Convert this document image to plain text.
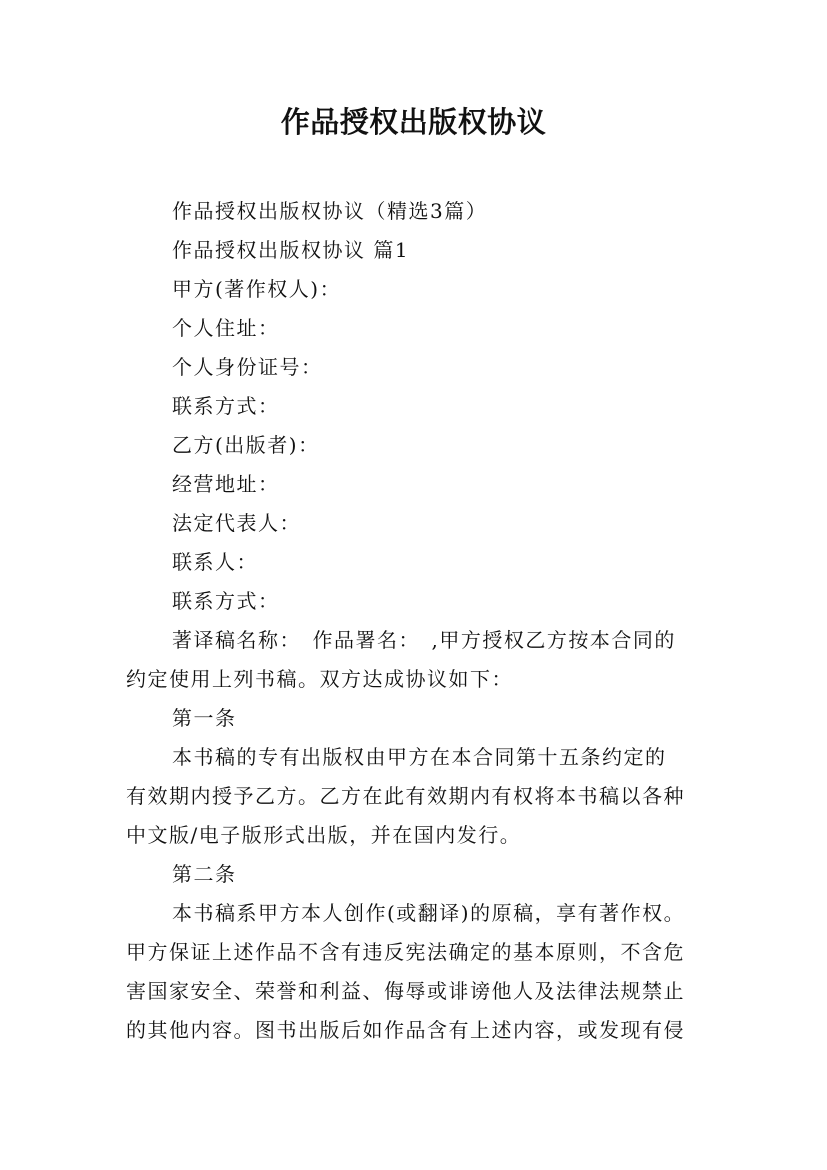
作品授权出版权协议
作品授权出版权协议（精选3篇）
作品授权出版权协议 篇1
甲方(著作权人)：
个人住址：
个人身份证号：
联系方式：
乙方(出版者)：
经营地址：
法定代表人：
联系人：
联系方式：
著译稿名称：　作品署名：　,甲方授权乙方按本合同的
约定使用上列书稿。双方达成协议如下：
第一条
本书稿的专有出版权由甲方在本合同第十五条约定的
有效期内授予乙方。乙方在此有效期内有权将本书稿以各种
中文版/电子版形式出版，并在国内发行。
第二条
本书稿系甲方本人创作(或翻译)的原稿，享有著作权。
甲方保证上述作品不含有违反宪法确定的基本原则，不含危
害国家安全、荣誉和利益、侮辱或诽谤他人及法律法规禁止
的其他内容。图书出版后如作品含有上述内容，或发现有侵
